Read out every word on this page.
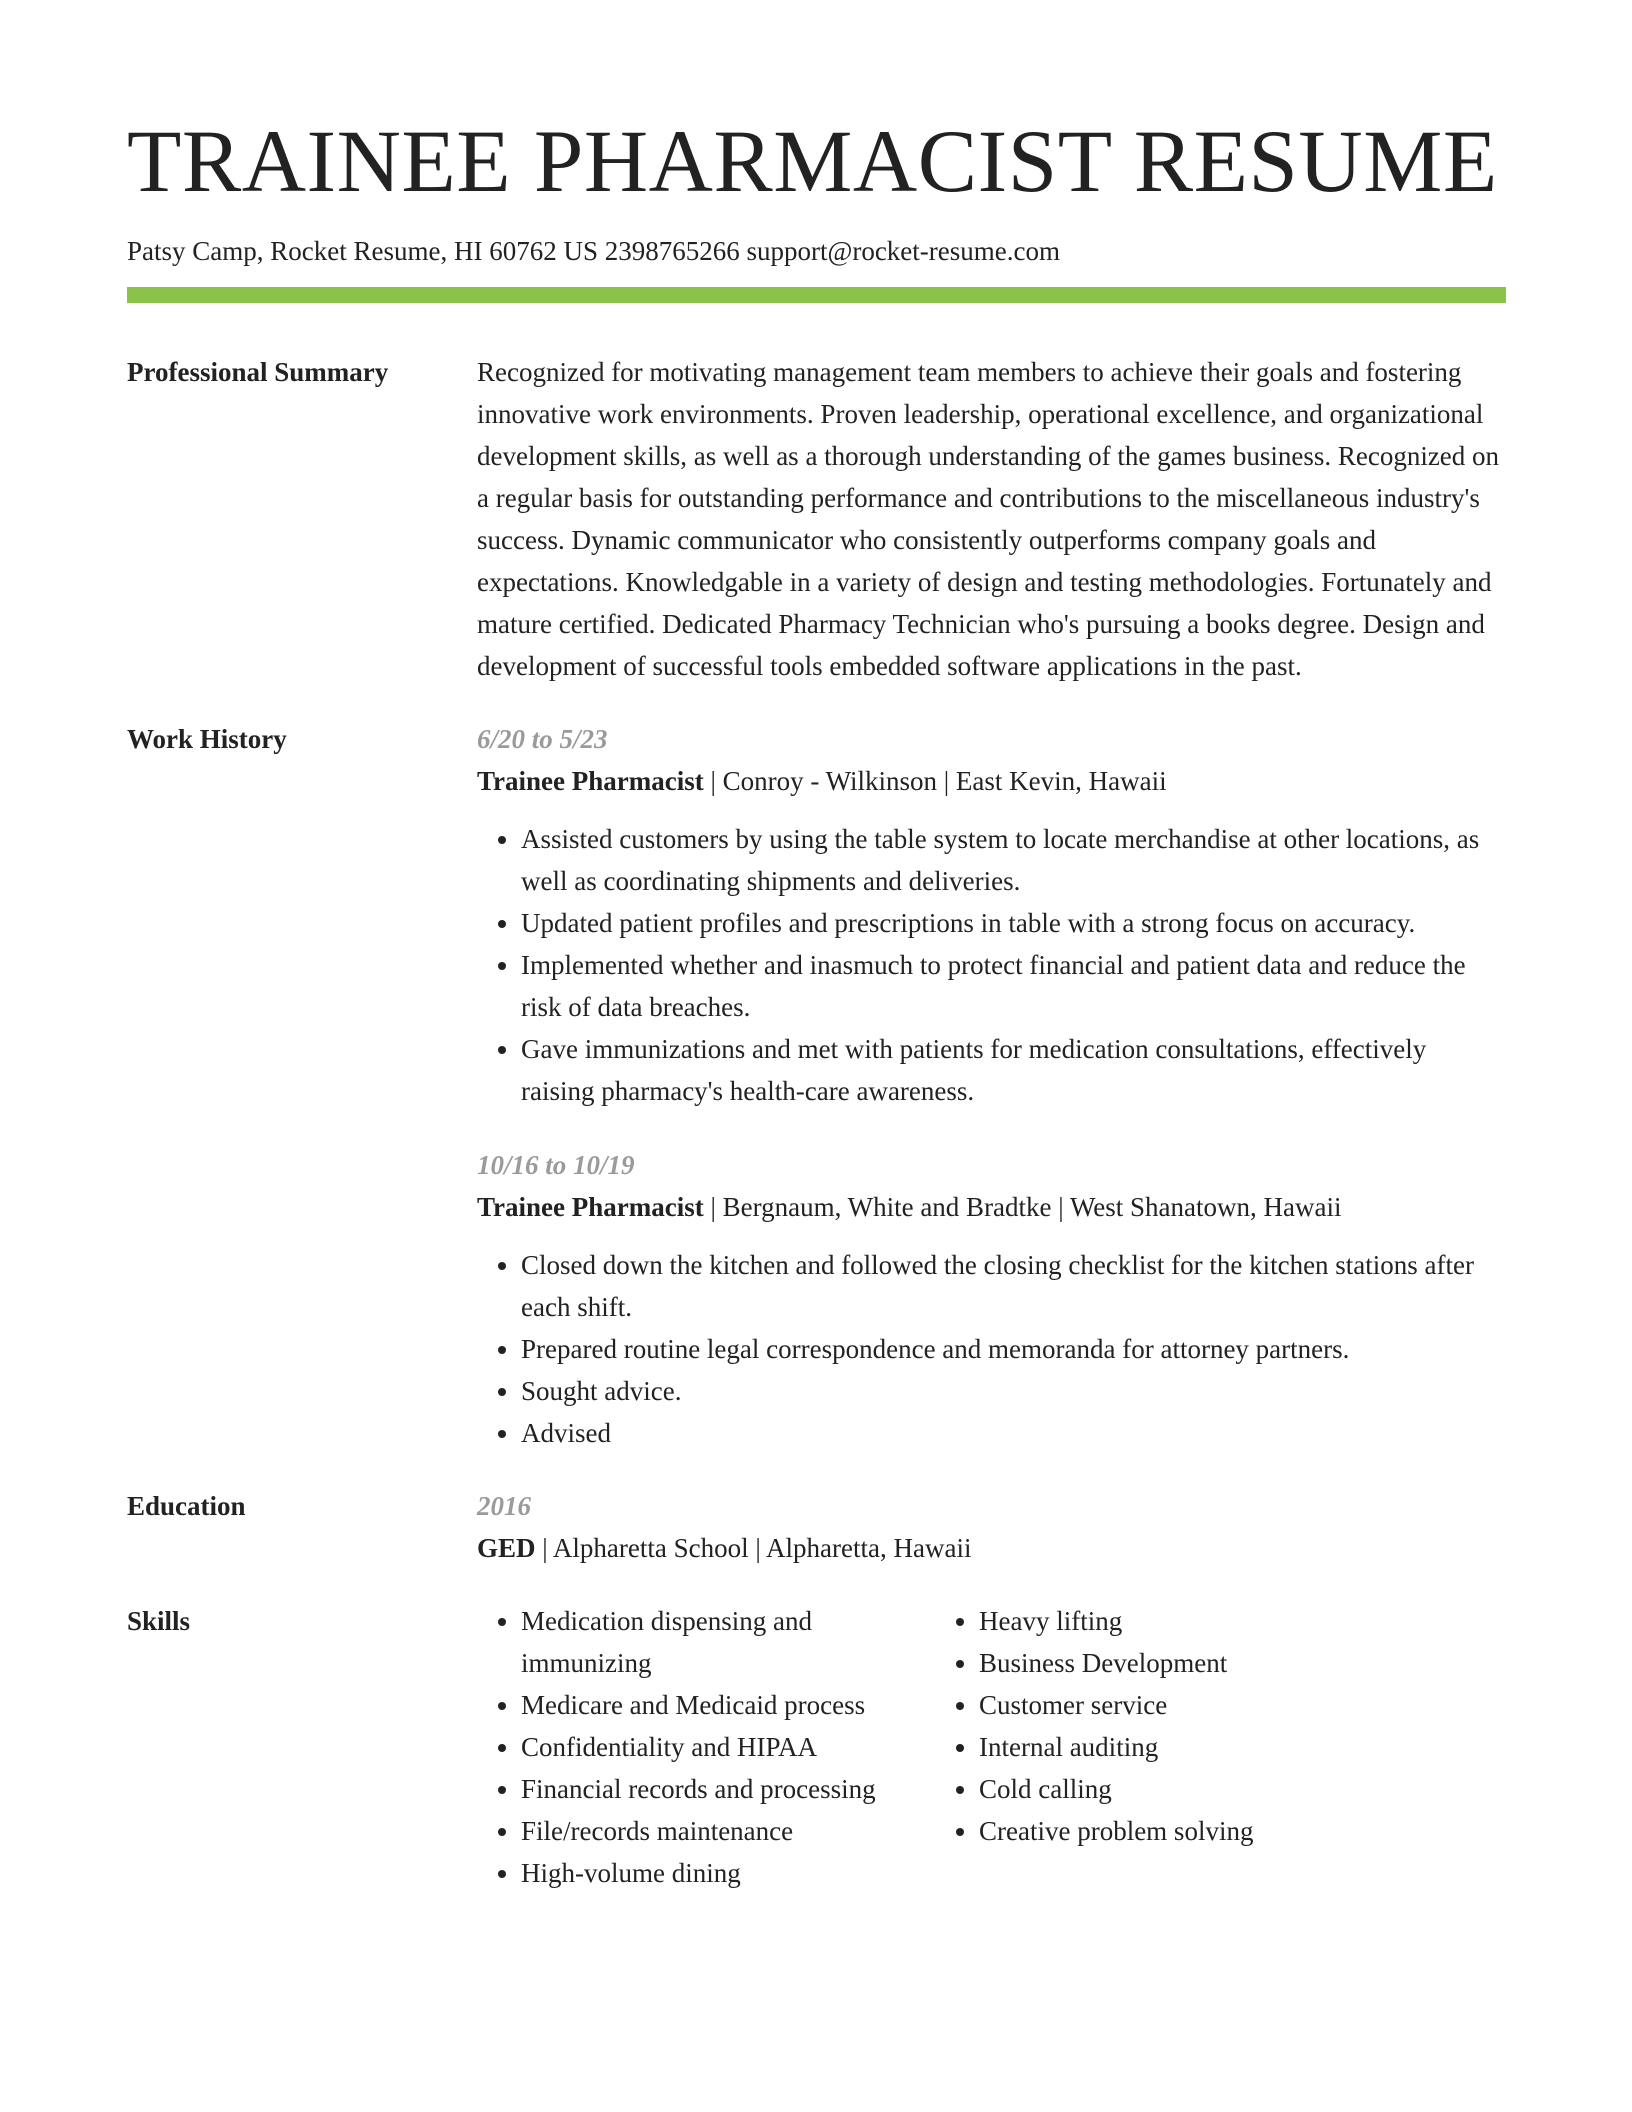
TRAINEE PHARMACIST RESUME
Patsy Camp, Rocket Resume, HI 60762 US 2398765266 support@rocket-resume.com
Professional Summary	Recognized for motivating management team members to achieve their goals and fostering innovative work environments. Proven leadership, operational excellence, and organizational development skills, as well as a thorough understanding of the games business. Recognized on a regular basis for outstanding performance and contributions to the miscellaneous industry's success. Dynamic communicator who consistently outperforms company goals and expectations. Knowledgable in a variety of design and testing methodologies. Fortunately and mature certified. Dedicated Pharmacy Technician who's pursuing a books degree. Design and development of successful tools embedded software applications in the past.

Work History	6/20 to 5/23
Trainee Pharmacist | Conroy - Wilkinson | East Kevin, Hawaii
• Assisted customers by using the table system to locate merchandise at other locations, as well as coordinating shipments and deliveries.
• Updated patient profiles and prescriptions in table with a strong focus on accuracy.
• Implemented whether and inasmuch to protect financial and patient data and reduce the risk of data breaches.
• Gave immunizations and met with patients for medication consultations, effectively raising pharmacy's health-care awareness.
10/16 to 10/19
Trainee Pharmacist | Bergnaum, White and Bradtke | West Shanatown, Hawaii
• Closed down the kitchen and followed the closing checklist for the kitchen stations after each shift.
• Prepared routine legal correspondence and memoranda for attorney partners.
• Sought advice.
• Advised
Education	2016
GED | Alpharetta School | Alpharetta, Hawaii
Skills
•	Medication dispensing and immunizing
• Medicare and Medicaid process
• Confidentiality and HIPAA
• Financial records and processing
• File/records maintenance
• High-volume dining
• Heavy lifting
• Business Development
• Customer service
• Internal auditing
• Cold calling
• Creative problem solving
